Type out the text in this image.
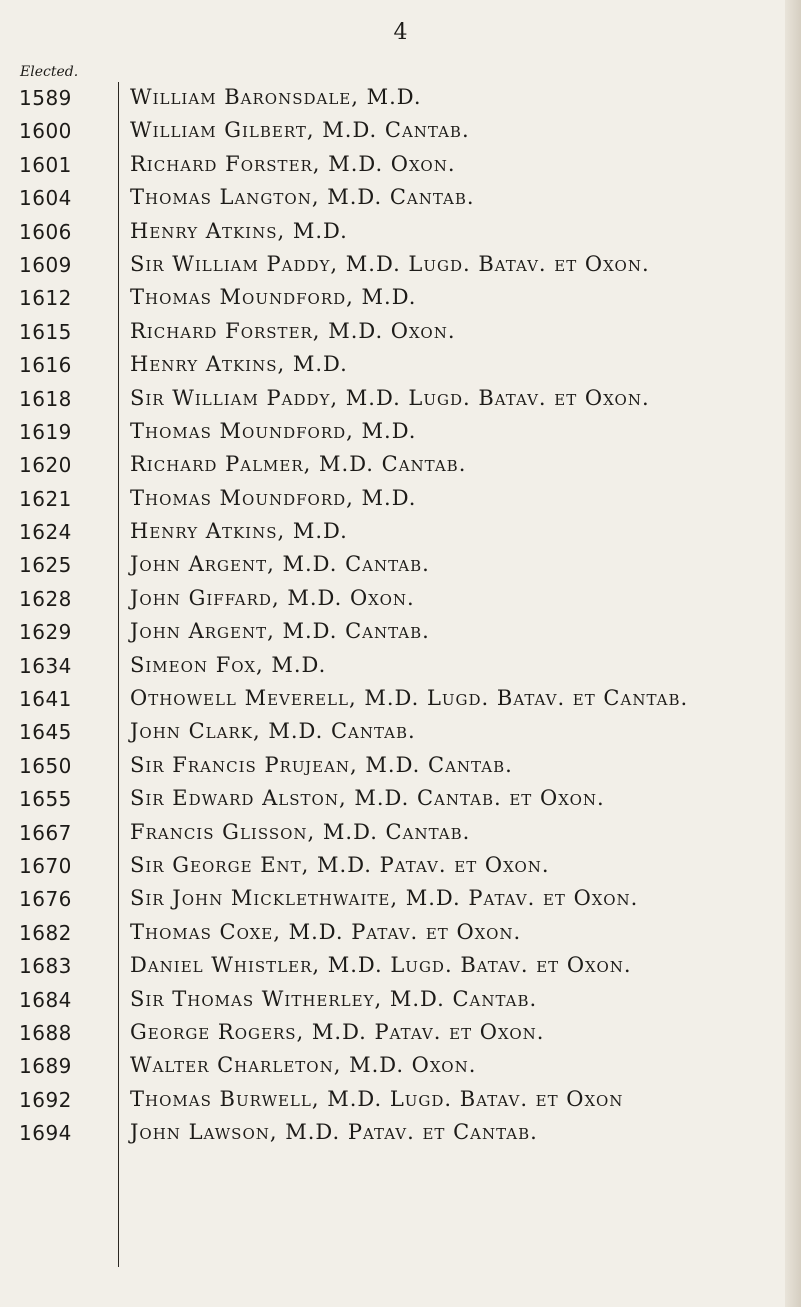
4
Elected.
1589	William Baronsdale, M.D.
1600	William Gilbert, M.D. Cantab.
1601	Richard Forster, M.D. Oxon.
1604	Thomas Langton, M.D. Cantab.
1606	Henry Atkins, M.D.
1609	Sir William Paddy, M.D. Lugd. Batav. et Oxon.
1612	Thomas Moundford, M.D.
1615	Richard Forster, M.D. Oxon.
1616	Henry Atkins, M.D.
1618	Sir William Paddy, M.D. Lugd. Batav. et Oxon.
1619	Thomas Moundford, M.D.
1620	Richard Palmer, M.D. Cantab.
1621	Thomas Moundford, M.D.
1624	Henry Atkins, M.D.
1625	John Argent, M.D. Cantab.
1628	John Giffard, M.D. Oxon.
1629	John Argent, M.D. Cantab.
1634	Simeon Fox, M.D.
1641	Othowell Meverell, M.D. Lugd. Batav. et Cantab.
1645	John Clark, M.D. Cantab.
1650	Sir Francis Prujean, M.D. Cantab.
1655	Sir Edward Alston, M.D. Cantab. et Oxon.
1667	Francis Glisson, M.D. Cantab.
1670	Sir George Ent, M.D. Patav. et Oxon.
1676	Sir John Micklethwaite, M.D. Patav. et Oxon.
1682	Thomas Coxe, M.D. Patav. et Oxon.
1683	Daniel Whistler, M.D. Lugd. Batav. et Oxon.
1684	Sir Thomas Witherley, M.D. Cantab.
1688	George Rogers, M.D. Patav. et Oxon.
1689	Walter Charleton, M.D. Oxon.
1692	Thomas Burwell, M.D. Lugd. Batav. et Oxon
1694	John Lawson, M.D. Patav. et Cantab.
